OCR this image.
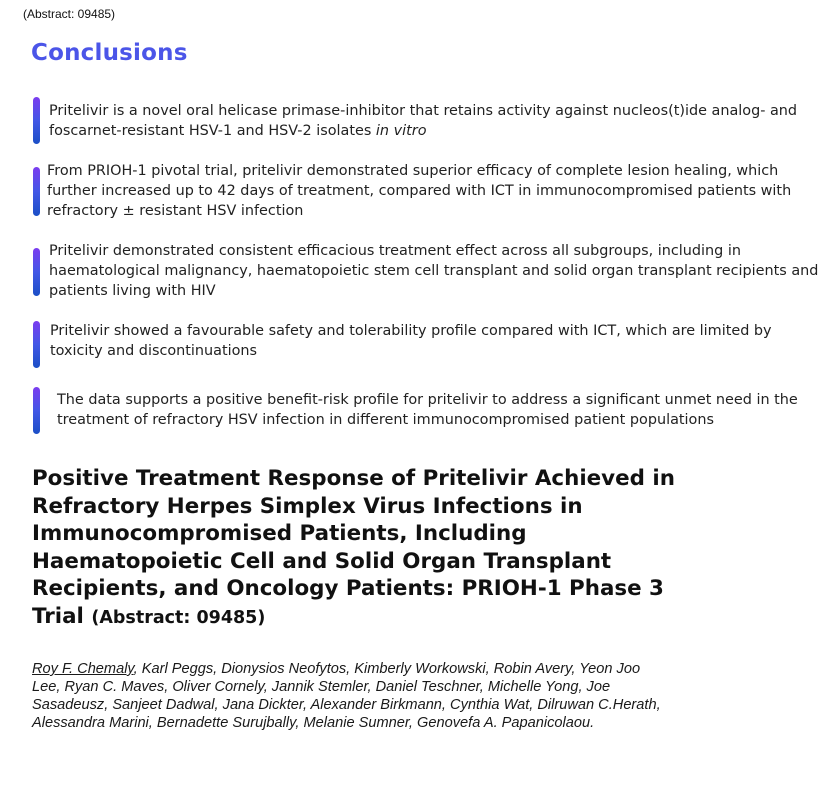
(Abstract: 09485)
Conclusions
Pritelivir is a novel oral helicase primase-inhibitor that retains activity against nucleos(t)ide analog- and foscarnet-resistant HSV-1 and HSV-2 isolates in vitro
From PRIOH-1 pivotal trial, pritelivir demonstrated superior efficacy of complete lesion healing, which further increased up to 42 days of treatment, compared with ICT in immunocompromised patients with refractory ± resistant HSV infection
Pritelivir demonstrated consistent efficacious treatment effect across all subgroups, including in haematological malignancy, haematopoietic stem cell transplant and solid organ transplant recipients and patients living with HIV
Pritelivir showed a favourable safety and tolerability profile compared with ICT, which are limited by toxicity and discontinuations
The data supports a positive benefit-risk profile for pritelivir to address a significant unmet need in the treatment of refractory HSV infection in different immunocompromised patient populations
Positive Treatment Response of Pritelivir Achieved in Refractory Herpes Simplex Virus Infections in Immunocompromised Patients, Including Haematopoietic Cell and Solid Organ Transplant Recipients, and Oncology Patients: PRIOH-1 Phase 3 Trial (Abstract: 09485)
Roy F. Chemaly, Karl Peggs, Dionysios Neofytos, Kimberly Workowski, Robin Avery, Yeon Joo Lee, Ryan C. Maves, Oliver Cornely, Jannik Stemler, Daniel Teschner, Michelle Yong, Joe Sasadeusz, Sanjeet Dadwal, Jana Dickter, Alexander Birkmann, Cynthia Wat, Dilruwan C.Herath, Alessandra Marini, Bernadette Surujbally, Melanie Sumner, Genovefa A. Papanicolaou.
